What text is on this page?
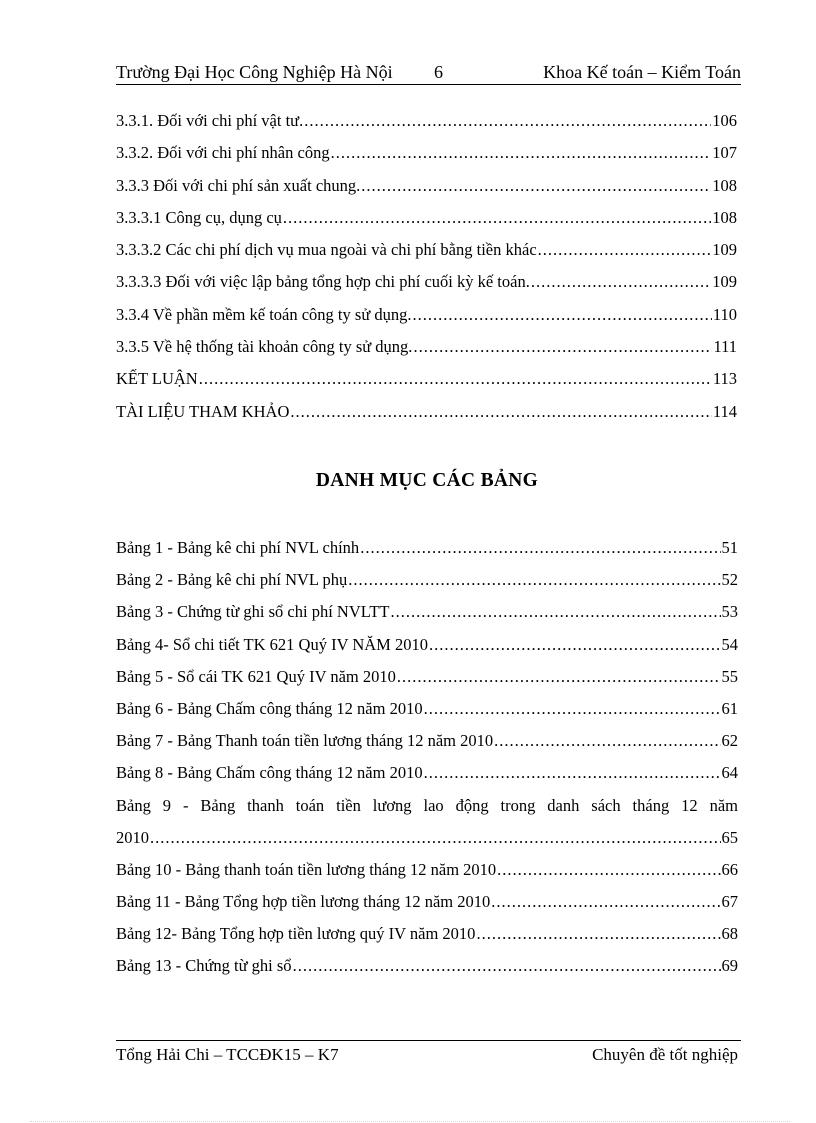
Trường Đại Học Công Nghiệp Hà Nội 6	Khoa Kế toán – Kiểm Toán
3.3.1. Đối với chi phí vật tư. .....	106
3.3.2. Đối với chi phí nhân công .....	107
3.3.3 Đối với chi phí sản xuất chung. .....	108
3.3.3.1 Công cụ, dụng cụ .....	108
3.3.3.2 Các chi phí dịch vụ mua ngoài và chi phí bằng tiền khác .....	109
3.3.3.3 Đối với việc lập bảng tổng hợp chi phí cuối kỳ kế toán. .....	109
3.3.4 Về phần mềm kế toán công ty sử dụng. .....	110
3.3.5 Về hệ thống tài khoản công ty sử dụng. .....	111
KẾT LUẬN .....	113
TÀI LIỆU THAM KHẢO .....	114
DANH MỤC CÁC BẢNG
Bảng 1 - Bảng kê chi phí NVL chính .....	51
Bảng 2 - Bảng kê chi phí NVL phụ .....	52
Bảng 3 - Chứng từ ghi sổ chi phí NVLTT .....	53
Bảng 4- Sổ chi tiết TK 621 Quý IV NĂM 2010 .....	54
Bảng 5 - Sổ cái TK 621 Quý IV năm 2010 .....	55
Bảng 6 - Bảng Chấm công tháng 12 năm 2010 .....	61
Bảng 7 - Bảng Thanh toán tiền lương tháng 12 năm 2010 .....	62
Bảng 8 - Bảng Chấm công tháng 12 năm 2010 .....	64
Bảng 9 - Bảng thanh toán tiền lương lao động trong danh sách tháng 12 năm
2010 .....	65
Bảng 10 - Bảng thanh toán tiền lương tháng 12 năm 2010 .....	66
Bảng 11 - Bảng Tổng hợp tiền lương tháng 12 năm 2010 .....	67
Bảng 12- Bảng Tổng hợp tiền lương quý IV năm 2010 .....	68
Bảng 13 - Chứng từ ghi sổ .....	69
Tổng Hải Chi – TCCĐK15 – K7	Chuyên đề tốt nghiệp
